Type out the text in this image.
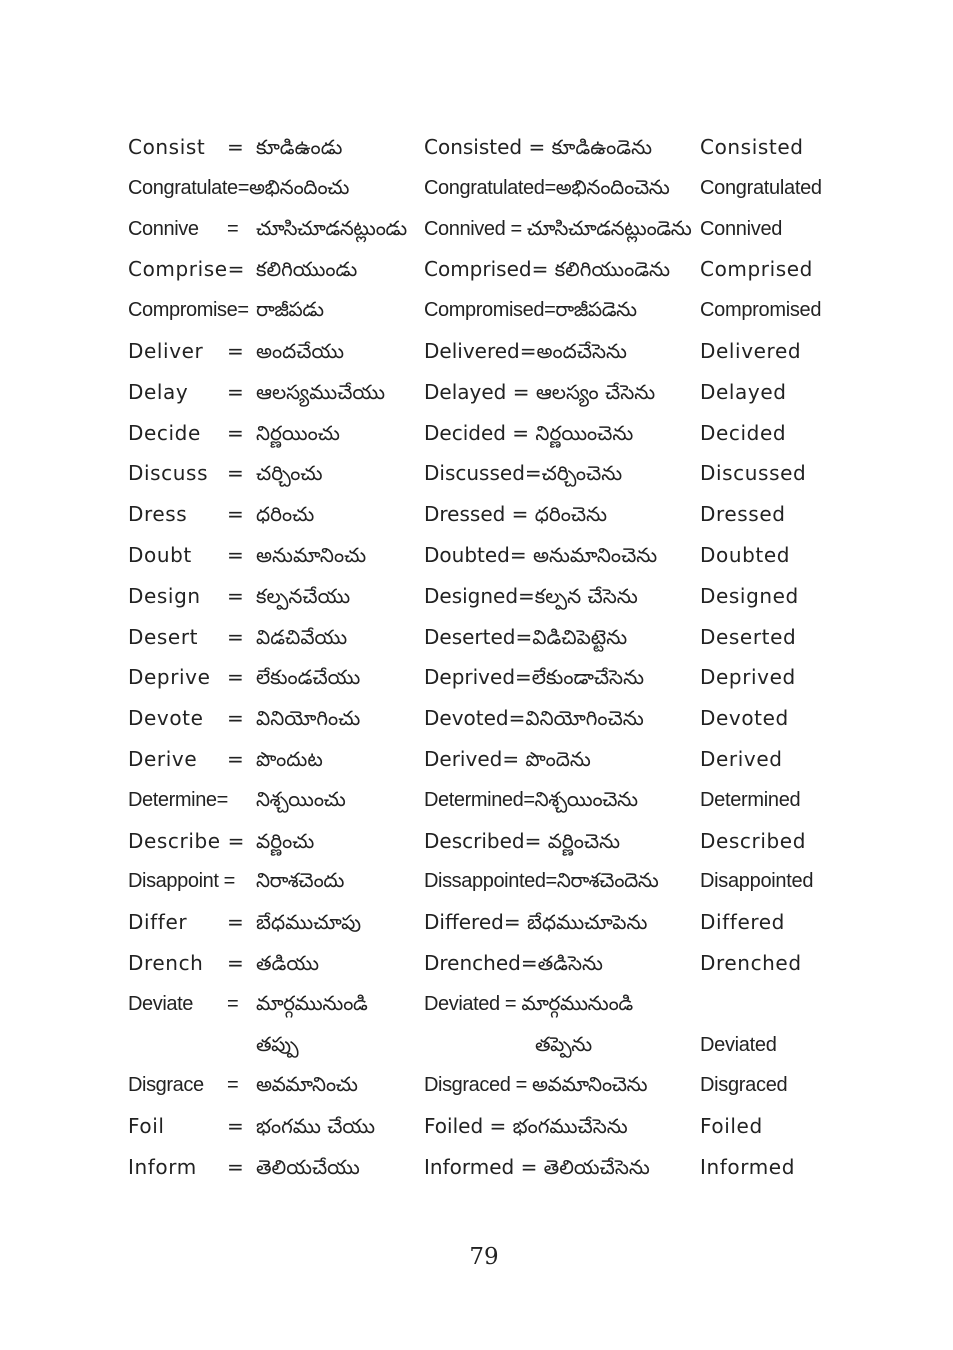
Consist = కూడిఉండు	Consisted = కూడిఉండెను Consisted
Congratulate=అభినందించు	Congratulated=అభినందించెను Congratulated
Connive = చూసిచూడనట్లుండు Connived = చూసిచూడనట్లుండెను Connived
Comprise= కలిగియుండు	Comprised= కలిగియుండెను Comprised
Compromise= రాజీపడు	Compromised=రాజీపడెను	Compromised
Deliver = అందచేయు	Delivered=అందచేసెను	Delivered
Delay = ఆలస్యముచేయు Delayed = ఆలస్యం చేసెను Delayed
Decide = నిర్ణయించు	Decided = నిర్ణయించెను	Decided
Discuss = చర్చించు	Discussed=చర్చించెను	Discussed
Dress = ధరించు	Dressed = ధరించెను	Dressed
Doubt = అనుమానించు	Doubted= అనుమానించెను Doubted
Design = కల్పనచేయు	Designed=కల్పన చేసెను	Designed
Desert = విడచివేయు	Deserted=విడిచిపెట్టెను	Deserted
Deprive = లేకుండచేయు	Deprived=లేకుండాచేసెను	Deprived
Devote = వినియోగించు	Devoted=వినియోగించెను	Devoted
Derive = పొందుట	Derived= పొందెను	Derived
Determine= నిశ్చయించు	Determined=నిశ్చయించెను	Determined
Describe = వర్ణించు	Described= వర్ణించెను	Described
Disappoint = నిరాశచెందు	Dissappointed=నిరాశచెందెను Disappointed
Differ = బేధముచూపు	Differed= బేధముచూపెను	Differed
Drench = తడియు	Drenched=తడిసెను	Drenched
Deviate = మార్గమునుండి	Deviated = మార్గమునుండి
తప్పు	తప్పెను	Deviated
Disgrace = అవమానించు	Disgraced = అవమానించెను	Disgraced
Foil	= భంగము చేయు Foiled = భంగముచేసెను	Foiled
Inform = తెలియచేయు	Informed = తెలియచేసెను	Informed
79
